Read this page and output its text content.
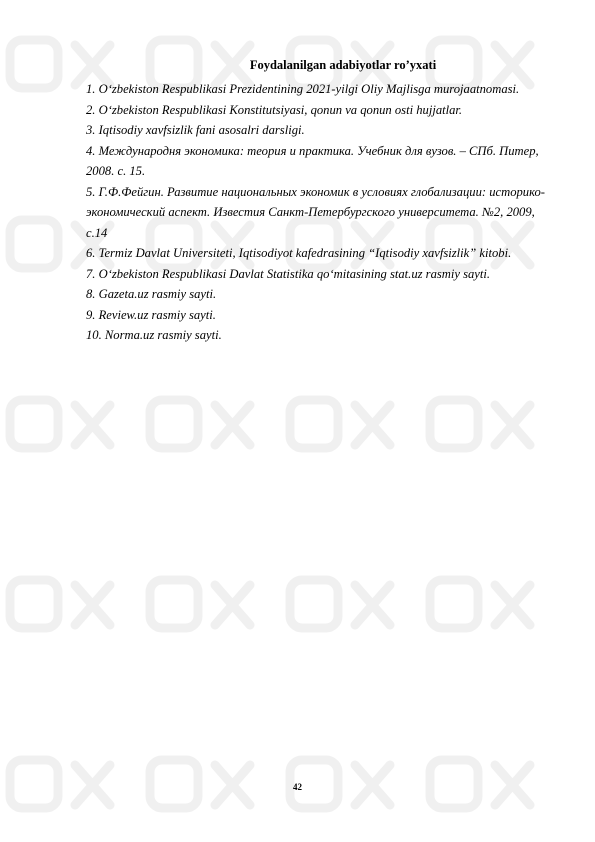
Foydalanilgan adabiyotlar ro’yxati
1. O‘zbekiston Respublikasi Prezidentining 2021-yilgi Oliy Majlisga murojaatnomasi.
2. O‘zbekiston Respublikasi Konstitutsiyasi, qonun va qonun osti hujjatlar.
3. Iqtisodiy xavfsizlik fani asosalri darsligi.
4. Международня экономика: теория и практика. Учебник для вузов. – СПб. Питер, 2008. с. 15.
5. Г.Ф.Фейгин. Развитие национальных экономик в условиях глобализации: историко-экономический аспект. Известия Санкт-Петербургского университета. №2, 2009, с.14
6. Termiz Davlat Universiteti, Iqtisodiyot kafedrasining “Iqtisodiy xavfsizlik” kitobi.
7. O‘zbekiston Respublikasi Davlat Statistika qo‘mitasining stat.uz rasmiy sayti.
8. Gazeta.uz rasmiy sayti.
9. Review.uz rasmiy sayti.
10. Norma.uz rasmiy sayti.
42
